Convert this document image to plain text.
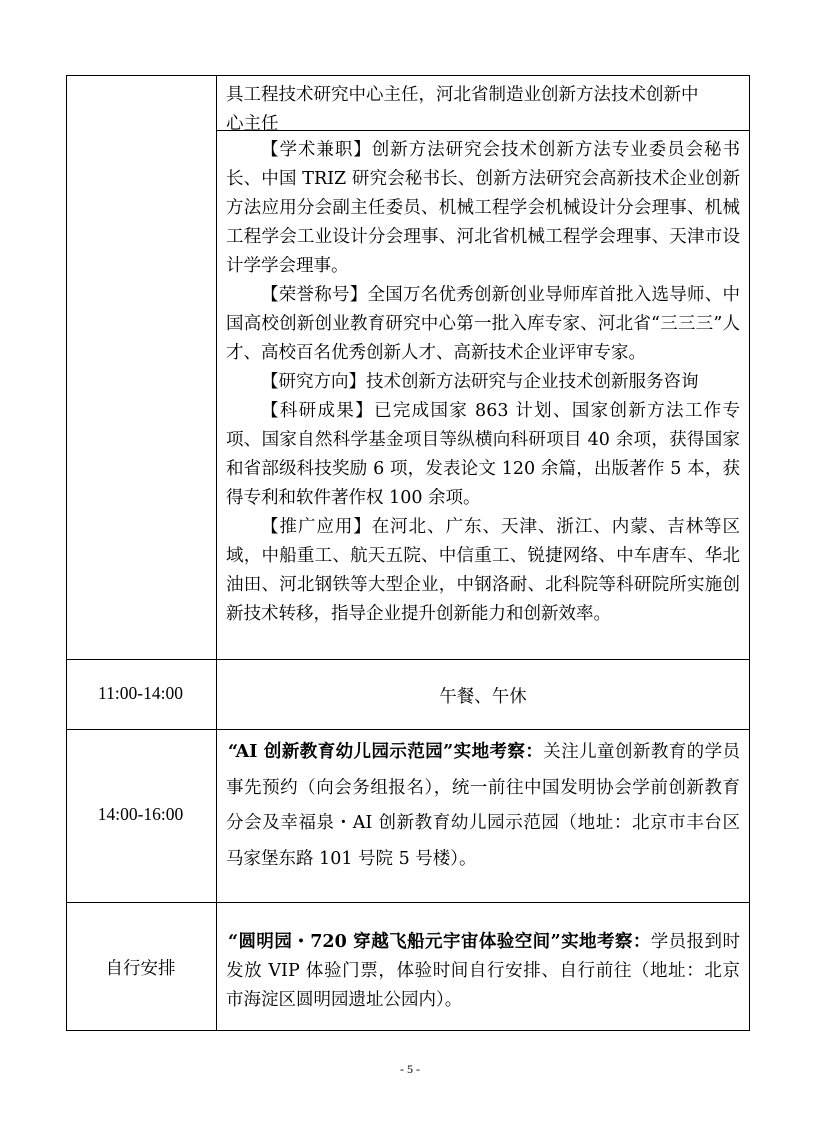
具工程技术研究中心主任，河北省制造业创新方法技术创新中
心主任

【学术兼职】创新方法研究会技术创新方法专业委员会秘书长、中国 TRIZ 研究会秘书长、创新方法研究会高新技术企业创新方法应用分会副主任委员、机械工程学会机械设计分会理事、机械工程学会工业设计分会理事、河北省机械工程学会理事、天津市设计学学会理事。

【荣誉称号】全国万名优秀创新创业导师库首批入选导师、中国高校创新创业教育研究中心第一批入库专家、河北省“三三三”人才、高校百名优秀创新人才、高新技术企业评审专家。

【研究方向】技术创新方法研究与企业技术创新服务咨询

【科研成果】已完成国家 863 计划、国家创新方法工作专项、国家自然科学基金项目等纵横向科研项目 40 余项，获得国家和省部级科技奖励 6 项，发表论文 120 余篇，出版著作 5 本，获得专利和软件著作权 100 余项。

【推广应用】在河北、广东、天津、浙江、内蒙、吉林等区域，中船重工、航天五院、中信重工、锐捷网络、中车唐车、华北油田、河北钢铁等大型企业，中钢洛耐、北科院等科研院所实施创新技术转移，指导企业提升创新能力和创新效率。

11:00-14:00	午餐、午休
14:00-16:00
“AI 创新教育幼儿园示范园”实地考察：关注儿童创新教育的学员事先预约（向会务组报名），统一前往中国发明协会学前创新教育分会及幸福泉・AI 创新教育幼儿园示范园（地址：北京市丰台区马家堡东路 101 号院 5 号楼）。
自行安排
“圆明园・720 穿越飞船元宇宙体验空间”实地考察：学员报到时发放 VIP 体验门票，体验时间自行安排、自行前往（地址：北京市海淀区圆明园遗址公园内）。
- 5 -
